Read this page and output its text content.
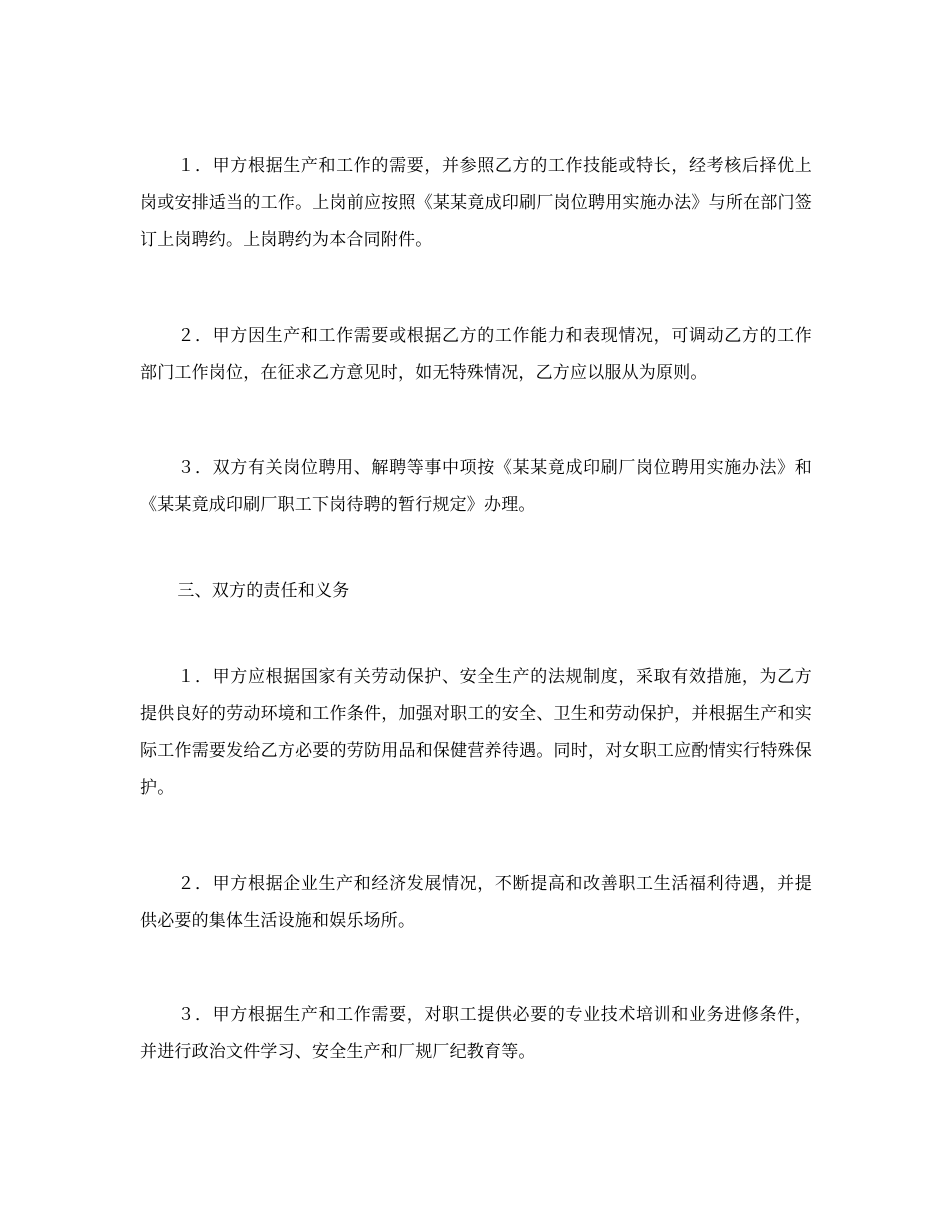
１．甲方根据生产和工作的需要，并参照乙方的工作技能或特长，经考核后择优上岗或安排适当的工作。上岗前应按照《某某竟成印刷厂岗位聘用实施办法》与所在部门签订上岗聘约。上岗聘约为本合同附件。

２．甲方因生产和工作需要或根据乙方的工作能力和表现情况，可调动乙方的工作部门工作岗位，在征求乙方意见时，如无特殊情况，乙方应以服从为原则。

３．双方有关岗位聘用、解聘等事中项按《某某竟成印刷厂岗位聘用实施办法》和《某某竟成印刷厂职工下岗待聘的暂行规定》办理。

三、双方的责任和义务

１．甲方应根据国家有关劳动保护、安全生产的法规制度，采取有效措施，为乙方提供良好的劳动环境和工作条件，加强对职工的安全、卫生和劳动保护，并根据生产和实际工作需要发给乙方必要的劳防用品和保健营养待遇。同时，对女职工应酌情实行特殊保护。

２．甲方根据企业生产和经济发展情况，不断提高和改善职工生活福利待遇，并提供必要的集体生活设施和娱乐场所。

３．甲方根据生产和工作需要，对职工提供必要的专业技术培训和业务进修条件，并进行政治文件学习、安全生产和厂规厂纪教育等。
